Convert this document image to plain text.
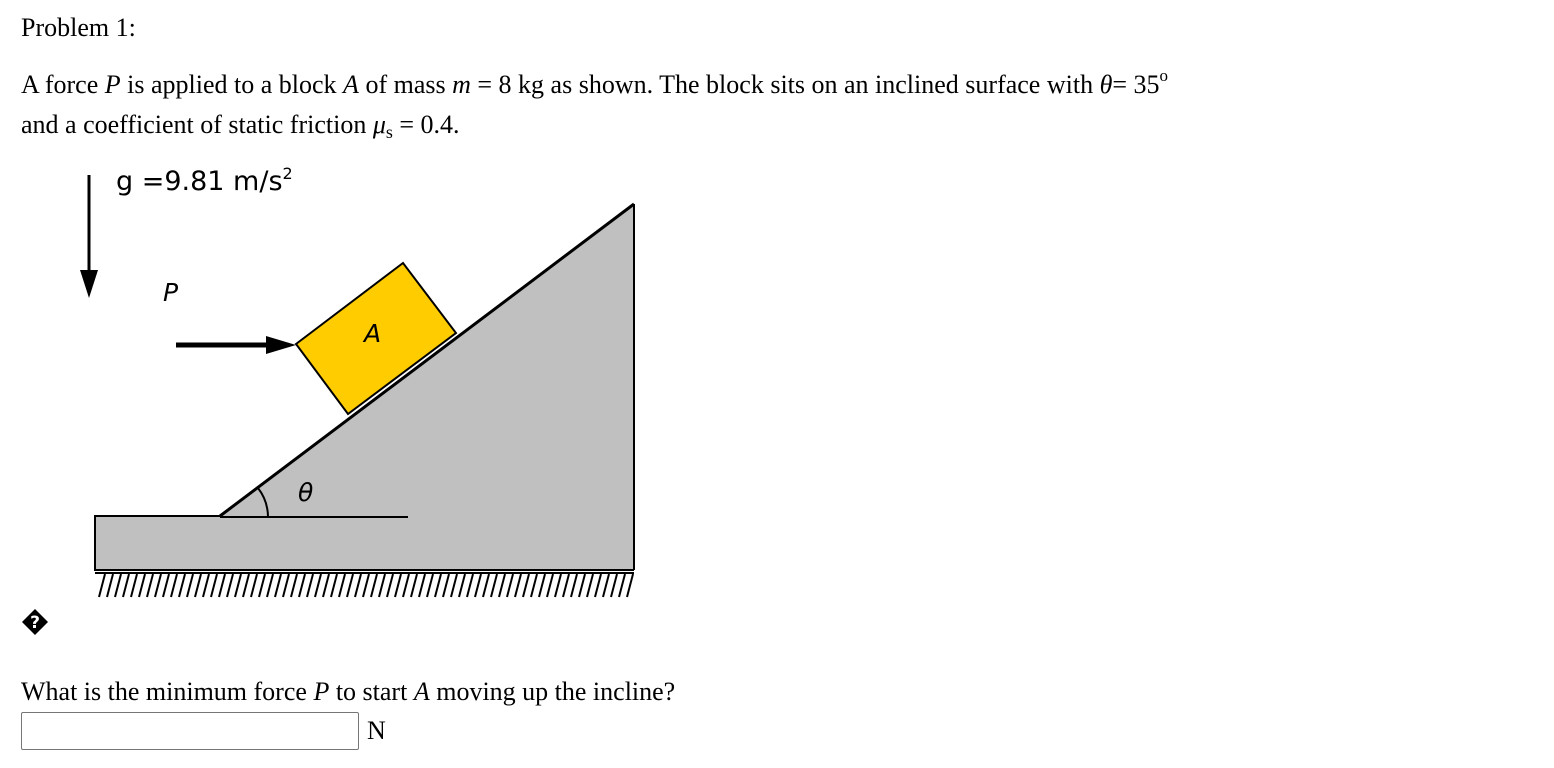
Problem 1:
A force P is applied to a block A of mass m = 8 kg as shown. The block sits on an inclined surface with $\theta= 35^o$
and a coefficient of static friction $\mu_s = 0.4$.
g =9.81 $m/s^2$
θ
A
P
?
What is the minimum force P to start A moving up the incline?
N
